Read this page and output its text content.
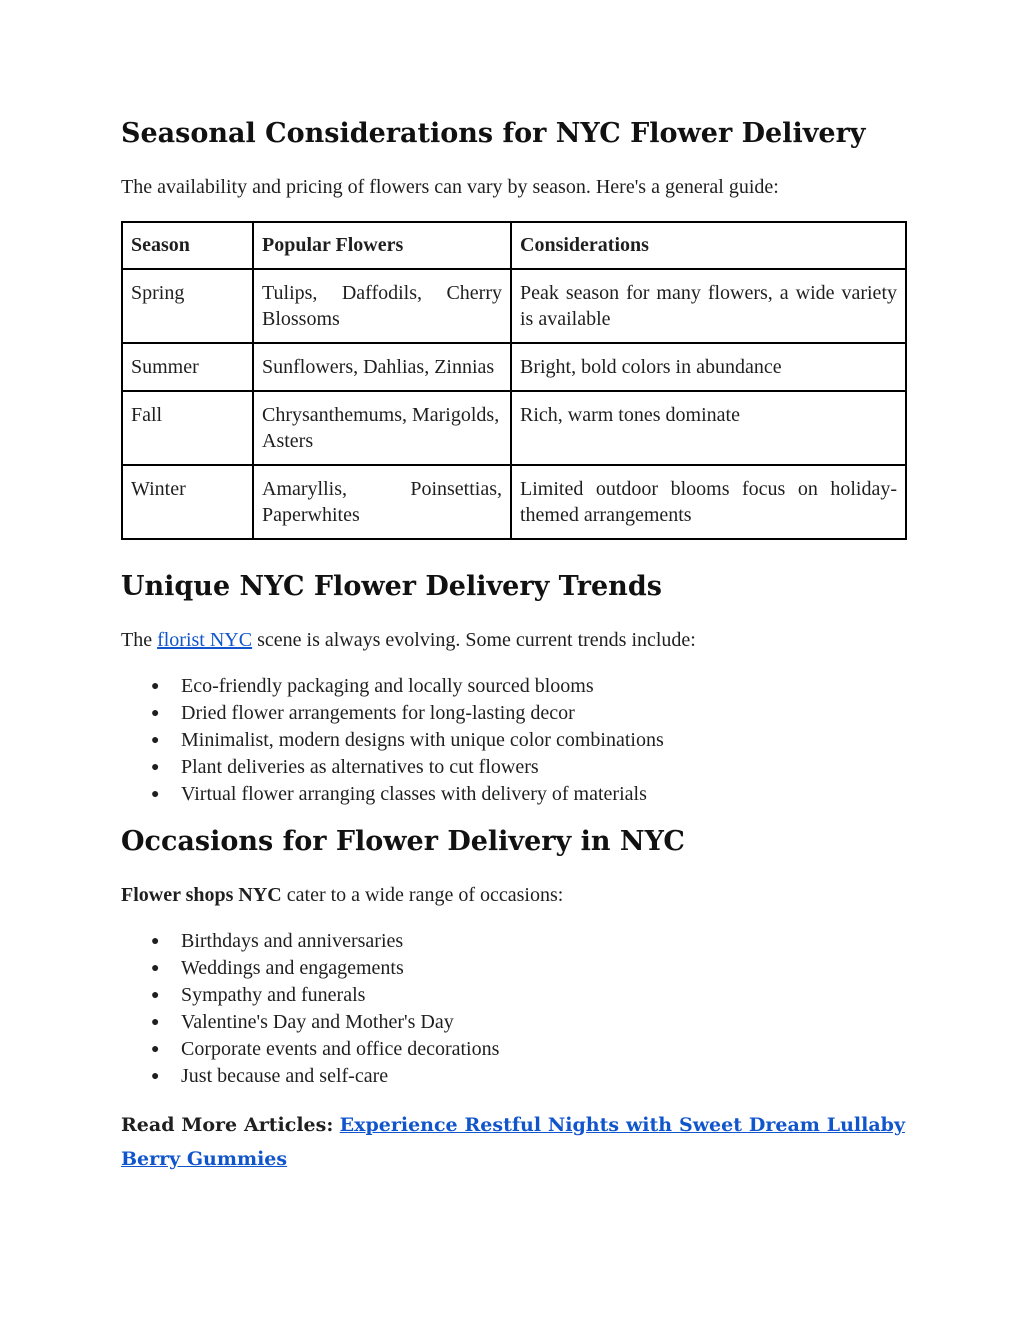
Seasonal Considerations for NYC Flower Delivery

The availability and pricing of flowers can vary by season. Here's a general guide:

Season	Popular Flowers	Considerations
Spring	Tulips, Daffodils, Cherry Blossoms	Peak season for many flowers, a wide variety is available
Summer	Sunflowers, Dahlias, Zinnias	Bright, bold colors in abundance
Fall	Chrysanthemums, Marigolds, Asters	Rich, warm tones dominate
Winter	Amaryllis, Poinsettias, Paperwhites	Limited outdoor blooms focus on holiday-themed arrangements
Unique NYC Flower Delivery Trends

The florist NYC scene is always evolving. Some current trends include:

● Eco-friendly packaging and locally sourced blooms
● Dried flower arrangements for long-lasting decor
● Minimalist, modern designs with unique color combinations
● Plant deliveries as alternatives to cut flowers
● Virtual flower arranging classes with delivery of materials
Occasions for Flower Delivery in NYC

Flower shops NYC cater to a wide range of occasions:

● Birthdays and anniversaries
● Weddings and engagements
● Sympathy and funerals
● Valentine's Day and Mother's Day
● Corporate events and office decorations
● Just because and self-care

Read More Articles: Experience Restful Nights with Sweet Dream Lullaby Berry Gummies
